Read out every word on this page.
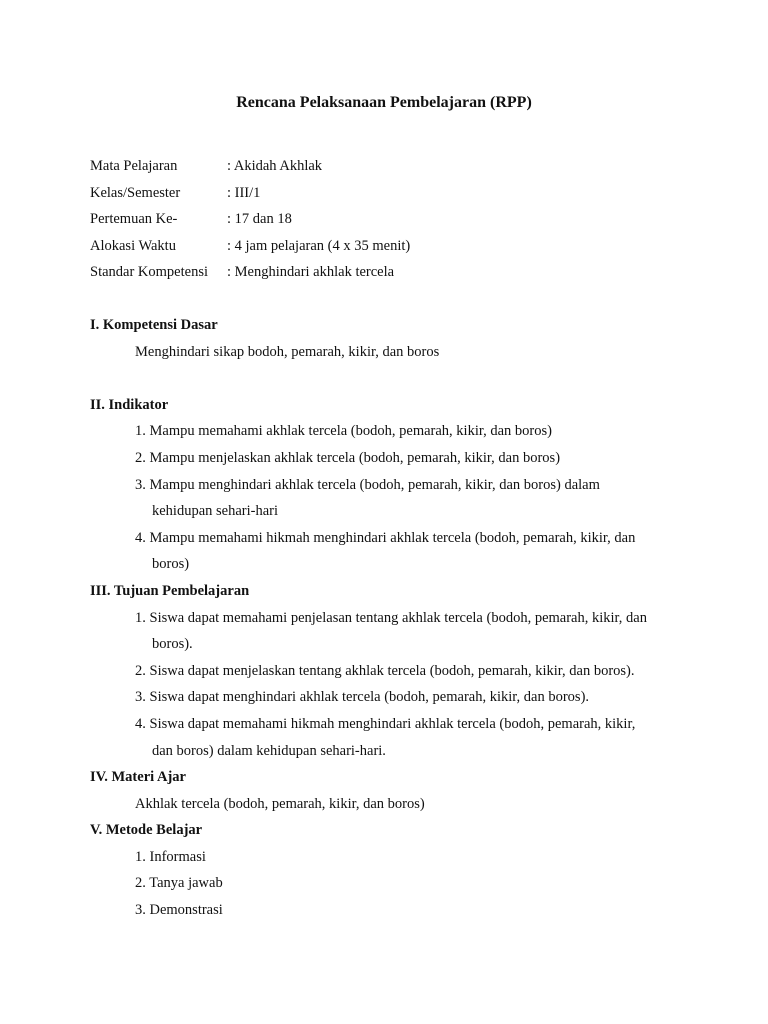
Rencana Pelaksanaan Pembelajaran (RPP)
Mata Pelajaran	: Akidah Akhlak
Kelas/Semester	: III/1
Pertemuan Ke-	: 17 dan 18
Alokasi Waktu	: 4 jam pelajaran (4 x 35 menit)
Standar Kompetensi : Menghindari akhlak tercela
I. Kompetensi Dasar
Menghindari sikap bodoh, pemarah, kikir, dan boros
II. Indikator
1. Mampu memahami akhlak tercela (bodoh, pemarah, kikir, dan boros)
2. Mampu menjelaskan akhlak tercela (bodoh, pemarah, kikir, dan boros)
3. Mampu menghindari akhlak tercela (bodoh, pemarah, kikir, dan boros) dalam
kehidupan sehari-hari
4. Mampu memahami hikmah menghindari akhlak tercela (bodoh, pemarah, kikir, dan
boros)
III. Tujuan Pembelajaran
1. Siswa dapat memahami penjelasan tentang akhlak tercela (bodoh, pemarah, kikir, dan
boros).
2. Siswa dapat menjelaskan tentang akhlak tercela (bodoh, pemarah, kikir, dan boros).
3. Siswa dapat menghindari akhlak tercela (bodoh, pemarah, kikir, dan boros).
4. Siswa dapat memahami hikmah menghindari akhlak tercela (bodoh, pemarah, kikir,
dan boros) dalam kehidupan sehari-hari.
IV. Materi Ajar
Akhlak tercela (bodoh, pemarah, kikir, dan boros)
V. Metode Belajar
1. Informasi
2. Tanya jawab
3. Demonstrasi
